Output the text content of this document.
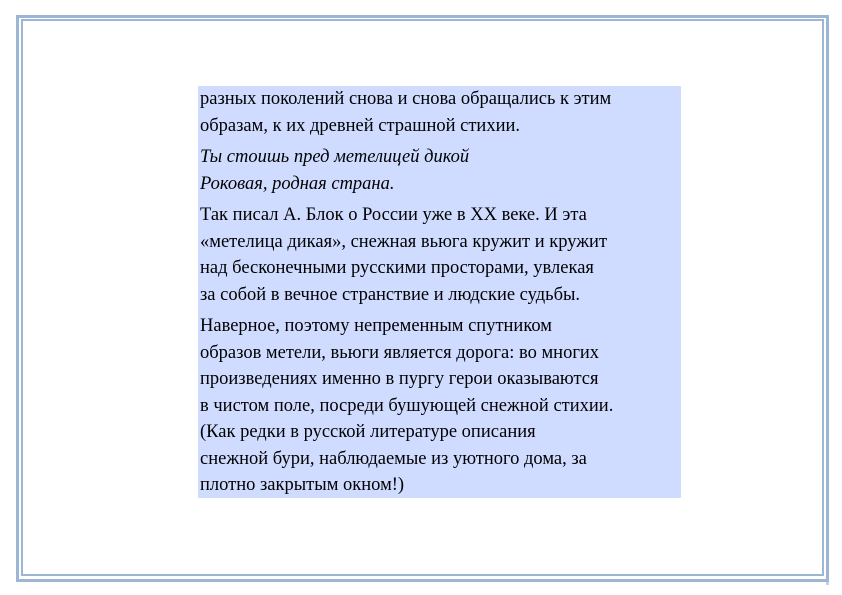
разных поколений снова и снова обращались к этим
образам, к их древней страшной стихии.

Ты стоишь пред метелицей дикой
Роковая, родная страна.

Так писал А. Блок о России уже в XX веке. И эта
«метелица дикая», снежная вьюга кружит и кружит
над бесконечными русскими просторами, увлекая
за собой в вечное странствие и людские судьбы.

Наверное, поэтому непременным спутником
образов метели, вьюги является дорога: во многих
произведениях именно в пургу герои оказываются
в чистом поле, посреди бушующей снежной стихии.
(Как редки в русской литературе описания
снежной бури, наблюдаемые из уютного дома, за
плотно закрытым окном!)
